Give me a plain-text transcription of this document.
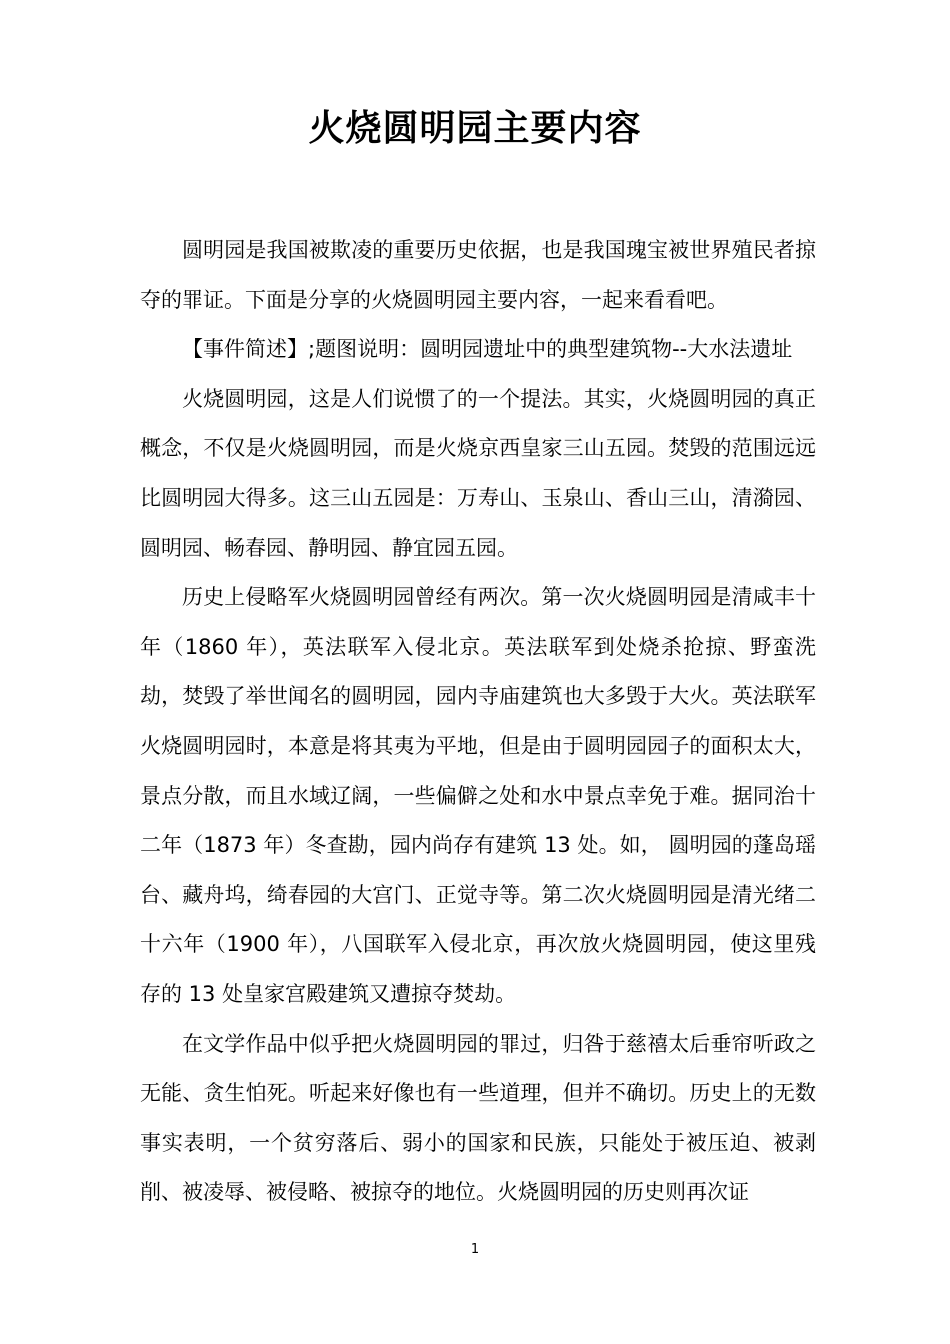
火烧圆明园主要内容

圆明园是我国被欺凌的重要历史依据，也是我国瑰宝被世界殖民者掠夺的罪证。下面是分享的火烧圆明园主要内容，一起来看看吧。

【事件简述】;题图说明：圆明园遗址中的典型建筑物--大水法遗址

火烧圆明园，这是人们说惯了的一个提法。其实，火烧圆明园的真正概念，不仅是火烧圆明园，而是火烧京西皇家三山五园。焚毁的范围远远比圆明园大得多。这三山五园是：万寿山、玉泉山、香山三山，清漪园、圆明园、畅春园、静明园、静宜园五园。

历史上侵略军火烧圆明园曾经有两次。第一次火烧圆明园是清咸丰十年（1860 年），英法联军入侵北京。英法联军到处烧杀抢掠、野蛮洗劫，焚毁了举世闻名的圆明园，园内寺庙建筑也大多毁于大火。英法联军火烧圆明园时，本意是将其夷为平地，但是由于圆明园园子的面积太大，景点分散，而且水域辽阔，一些偏僻之处和水中景点幸免于难。据同治十二年（1873 年）冬查勘，园内尚存有建筑 13 处。如， 圆明园的蓬岛瑶台、藏舟坞，绮春园的大宫门、正觉寺等。第二次火烧圆明园是清光绪二十六年（1900 年），八国联军入侵北京，再次放火烧圆明园，使这里残存的 13 处皇家宫殿建筑又遭掠夺焚劫。

在文学作品中似乎把火烧圆明园的罪过，归咎于慈禧太后垂帘听政之无能、贪生怕死。听起来好像也有一些道理，但并不确切。历史上的无数事实表明，一个贫穷落后、弱小的国家和民族，只能处于被压迫、被剥削、被凌辱、被侵略、被掠夺的地位。火烧圆明园的历史则再次证

1
